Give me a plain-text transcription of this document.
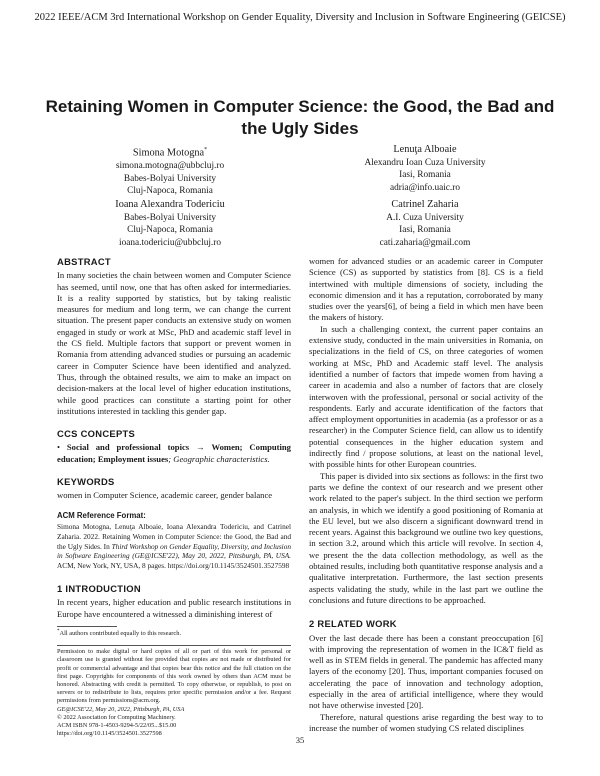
2022 IEEE/ACM 3rd International Workshop on Gender Equality, Diversity and Inclusion in Software Engineering (GEICSE)
Retaining Women in Computer Science: the Good, the Bad and the Ugly Sides
Simona Motogna*
simona.motogna@ubbcluj.ro
Babes-Bolyai University
Cluj-Napoca, Romania
Lenuţa Alboaie
Alexandru Ioan Cuza University
Iasi, Romania
adria@info.uaic.ro
Ioana Alexandra Todericiu
Babes-Bolyai University
Cluj-Napoca, Romania
ioana.todericiu@ubbcluj.ro
Catrinel Zaharia
A.I. Cuza University
Iasi, Romania
cati.zaharia@gmail.com
ABSTRACT

In many societies the chain between women and Computer Science has seemed, until now, one that has often asked for intermediaries. It is a reality supported by statistics, but by taking realistic measures for medium and long term, we can change the current situation. The present paper conducts an extensive study on women engaged in study or work at MSc, PhD and academic staff level in the CS field. Multiple factors that support or prevent women in Romania from attending advanced studies or pursuing an academic career in Computer Science have been identified and analyzed. Thus, through the obtained results, we aim to make an impact on decision-makers at the local level of higher education institutions, while good practices can constitute a starting point for other institutions interested in tackling this gender gap.

CCS CONCEPTS

• Social and professional topics → Women; Computing education; Employment issues; Geographic characteristics.

KEYWORDS

women in Computer Science, academic career, gender balance

ACM Reference Format:

Simona Motogna, Lenuţa Alboaie, Ioana Alexandra Todericiu, and Catrinel Zaharia. 2022. Retaining Women in Computer Science: the Good, the Bad and the Ugly Sides. In Third Workshop on Gender Equality, Diversity, and Inclusion in Software Engineering (GE@ICSE'22), May 20, 2022, Pittsburgh, PA, USA. ACM, New York, NY, USA, 8 pages. https://doi.org/10.1145/3524501.3527598

1 INTRODUCTION

In recent years, higher education and public research institutions in Europe have encountered a witnessed a diminishing interest of

*All authors contributed equally to this research.

Permission to make digital or hard copies of all or part of this work for personal or classroom use is granted without fee provided that copies are not made or distributed for profit or commercial advantage and that copies bear this notice and the full citation on the first page. Copyrights for components of this work owned by others than ACM must be honored. Abstracting with credit is permitted. To copy otherwise, or republish, to post on servers or to redistribute to lists, requires prior specific permission and/or a fee. Request permissions from permissions@acm.org.

GE@ICSE'22, May 20, 2022, Pittsburgh, PA, USA

© 2022 Association for Computing Machinery.

ACM ISBN 978-1-4503-9294-5/22/05...$15.00

https://doi.org/10.1145/3524501.3527598

women for advanced studies or an academic career in Computer Science (CS) as supported by statistics from [8]. CS is a field intertwined with multiple dimensions of society, including the economic dimension and it has a reputation, corroborated by many studies over the years[6], of being a field in which men have been the makers of history.

In such a challenging context, the current paper contains an extensive study, conducted in the main universities in Romania, on specializations in the field of CS, on three categories of women working at MSc, PhD and Academic staff level. The analysis identified a number of factors that impede women from having a career in academia and also a number of factors that are closely interwoven with the professional, personal or social activity of the respondents. Early and accurate identification of the factors that affect employment opportunities in academia (as a professor or as a researcher) in the Computer Science field, can allow us to identify potential consequences in the higher education system and indirectly find / propose solutions, at least on the national level, with possible hints for other European countries.

This paper is divided into six sections as follows: in the first two parts we define the context of our research and we present other work related to the paper's subject. In the third section we perform an analysis, in which we identify a good positioning of Romania at the EU level, but we also discern a significant downward trend in recent years. Against this background we outline two key questions, in section 3.2, around which this article will revolve. In section 4, we present the the data collection methodology, as well as the obtained results, including both quantitative response analysis and a qualitative interpretation. Furthermore, the last section presents aspects validating the study, while in the last part we outline the conclusions and future directions to be approached.

2 RELATED WORK

Over the last decade there has been a constant preoccupation [6] with improving the representation of women in the IC&T field as well as in STEM fields in general. The pandemic has affected many layers of the economy [20]. Thus, important companies focused on accelerating the pace of innovation and technology adoption, especially in the area of artificial intelligence, where they would not have otherwise invested [20].

Therefore, natural questions arise regarding the best way to to increase the number of women studying CS related disciplines

35
